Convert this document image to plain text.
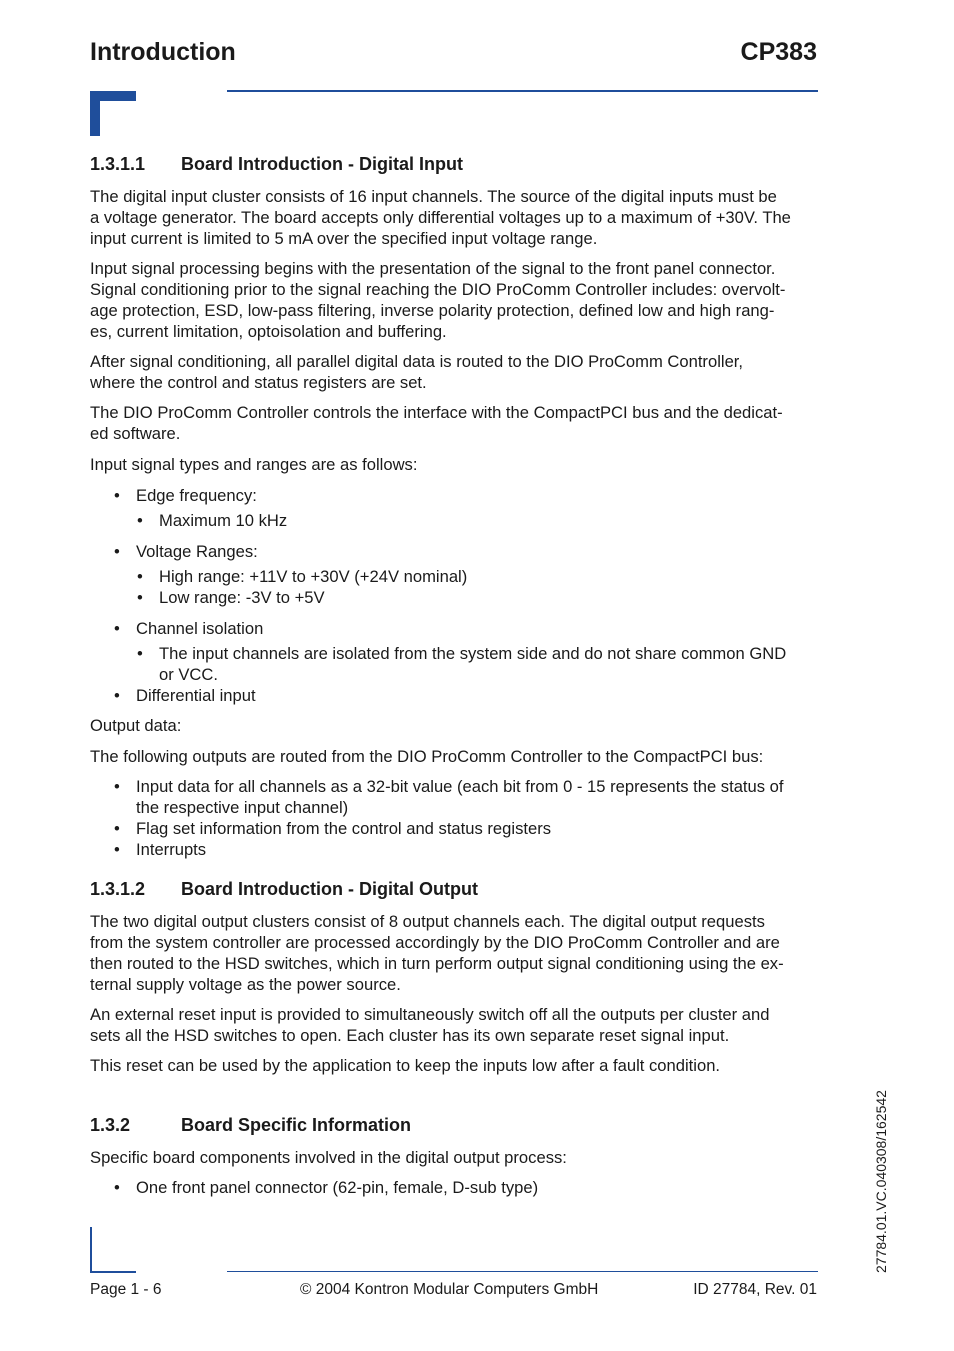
Introduction	CP383
1.3.1.1 Board Introduction - Digital Input
The digital input cluster consists of 16 input channels. The source of the digital inputs must be
a voltage generator. The board accepts only differential voltages up to a maximum of +30V. The
input current is limited to 5 mA over the specified input voltage range.
Input signal processing begins with the presentation of the signal to the front panel connector.
Signal conditioning prior to the signal reaching the DIO ProComm Controller includes: overvolt-
age protection, ESD, low-pass filtering, inverse polarity protection, defined low and high rang-
es, current limitation, optoisolation and buffering.
After signal conditioning, all parallel digital data is routed to the DIO ProComm Controller,
where the control and status registers are set.
The DIO ProComm Controller controls the interface with the CompactPCI bus and the dedicat-
ed software.
Input signal types and ranges are as follows:
• Edge frequency:
• Maximum 10 kHz
• Voltage Ranges:
• High range: +11V to +30V (+24V nominal)
• Low range: -3V to +5V
• Channel isolation
• The input channels are isolated from the system side and do not share common GND
or VCC.
• Differential input
Output data:
The following outputs are routed from the DIO ProComm Controller to the CompactPCI bus:
• Input data for all channels as a 32-bit value (each bit from 0 - 15 represents the status of
the respective input channel)
• Flag set information from the control and status registers
• Interrupts
1.3.1.2 Board Introduction - Digital Output
The two digital output clusters consist of 8 output channels each. The digital output requests
from the system controller are processed accordingly by the DIO ProComm Controller and are
then routed to the HSD switches, which in turn perform output signal conditioning using the ex-
ternal supply voltage as the power source.
An external reset input is provided to simultaneously switch off all the outputs per cluster and
sets all the HSD switches to open. Each cluster has its own separate reset signal input.
This reset can be used by the application to keep the inputs low after a fault condition.
1.3.2	Board Specific Information
Specific board components involved in the digital output process:
• One front panel connector (62-pin, female, D-sub type)	27784.01.VC.040308/162542
Page 1 - 6	© 2004 Kontron Modular Computers GmbH	ID 27784, Rev. 01
